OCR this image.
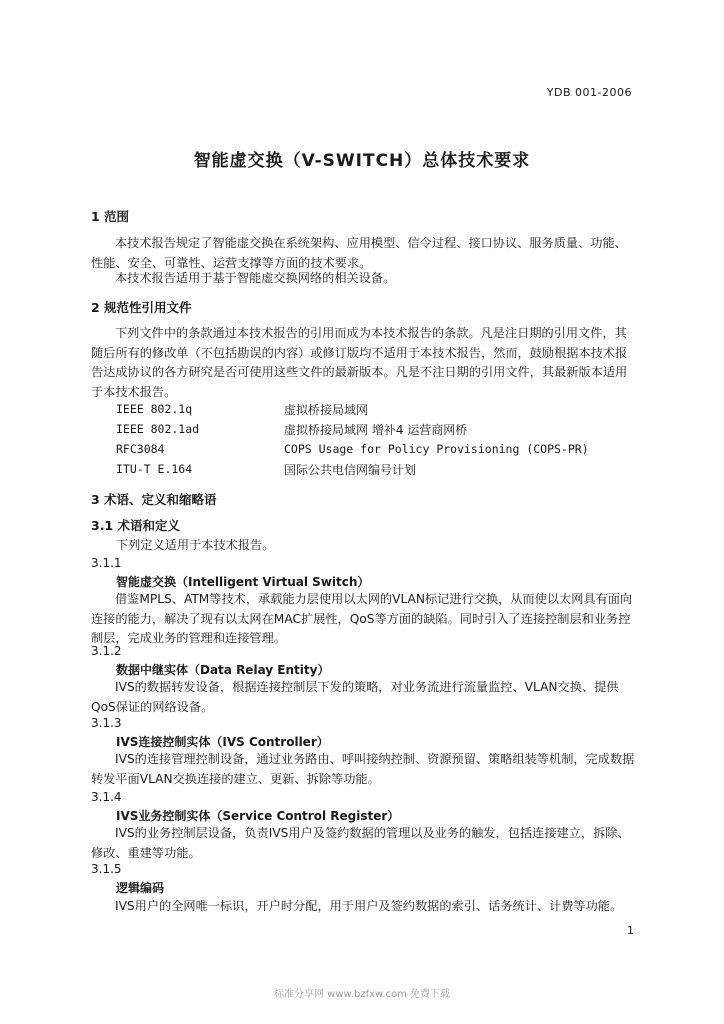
YDB 001-2006
智能虚交换（V-SWITCH）总体技术要求
1 范围
本技术报告规定了智能虚交换在系统架构、应用模型、信令过程、接口协议、服务质量、功能、性能、安全、可靠性、运营支撑等方面的技术要求。
本技术报告适用于基于智能虚交换网络的相关设备。
2 规范性引用文件
下列文件中的条款通过本技术报告的引用而成为本技术报告的条款。凡是注日期的引用文件，其随后所有的修改单（不包括勘误的内容）或修订版均不适用于本技术报告，然而，鼓励根据本技术报告达成协议的各方研究是否可使用这些文件的最新版本。凡是不注日期的引用文件，其最新版本适用于本技术报告。
IEEE 802.1q	虚拟桥接局域网
IEEE 802.1ad	虚拟桥接局域网 增补4 运营商网桥
RFC3084	COPS Usage for Policy Provisioning (COPS-PR)
ITU-T E.164	国际公共电信网编号计划
3 术语、定义和缩略语
3.1 术语和定义
下列定义适用于本技术报告。
3.1.1
智能虚交换（Intelligent Virtual Switch）
借鉴MPLS、ATM等技术，承载能力层使用以太网的VLAN标记进行交换，从而使以太网具有面向连接的能力，解决了现有以太网在MAC扩展性，QoS等方面的缺陷。同时引入了连接控制层和业务控制层，完成业务的管理和连接管理。
3.1.2
数据中继实体（Data Relay Entity）
IVS的数据转发设备，根据连接控制层下发的策略，对业务流进行流量监控、VLAN交换、提供QoS保证的网络设备。
3.1.3
IVS连接控制实体（IVS Controller）
IVS的连接管理控制设备，通过业务路由、呼叫接纳控制、资源预留、策略组装等机制，完成数据转发平面VLAN交换连接的建立、更新、拆除等功能。
3.1.4
IVS业务控制实体（Service Control Register）
IVS的业务控制层设备，负责IVS用户及签约数据的管理以及业务的触发，包括连接建立，拆除、修改、重建等功能。
3.1.5
逻辑编码
IVS用户的全网唯一标识，开户时分配，用于用户及签约数据的索引、话务统计、计费等功能。
1
标准分享网 www.bzfxw.com 免费下载
